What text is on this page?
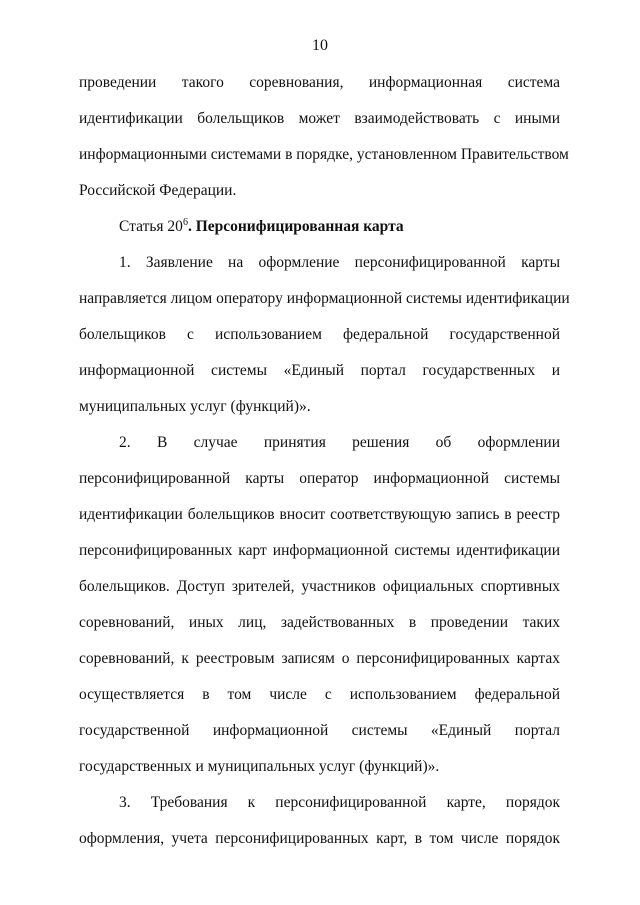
10
проведении такого соревнования, информационная система
идентификации болельщиков может взаимодействовать с иными
информационными системами в порядке, установленном Правительством
Российской Федерации.
Статья $20^6$. Персонифицированная карта
1. Заявление на оформление персонифицированной карты
направляется лицом оператору информационной системы идентификации
болельщиков с использованием федеральной государственной
информационной системы «Единый портал государственных и
муниципальных услуг (функций)».
2. В случае принятия решения об оформлении
персонифицированной карты оператор информационной системы
идентификации болельщиков вносит соответствующую запись в реестр
персонифицированных карт информационной системы идентификации
болельщиков. Доступ зрителей, участников официальных спортивных
соревнований, иных лиц, задействованных в проведении таких
соревнований, к реестровым записям о персонифицированных картах
осуществляется в том числе с использованием федеральной
государственной информационной системы «Единый портал
государственных и муниципальных услуг (функций)».
3. Требования к персонифицированной карте, порядок
оформления, учета персонифицированных карт, в том числе порядок
